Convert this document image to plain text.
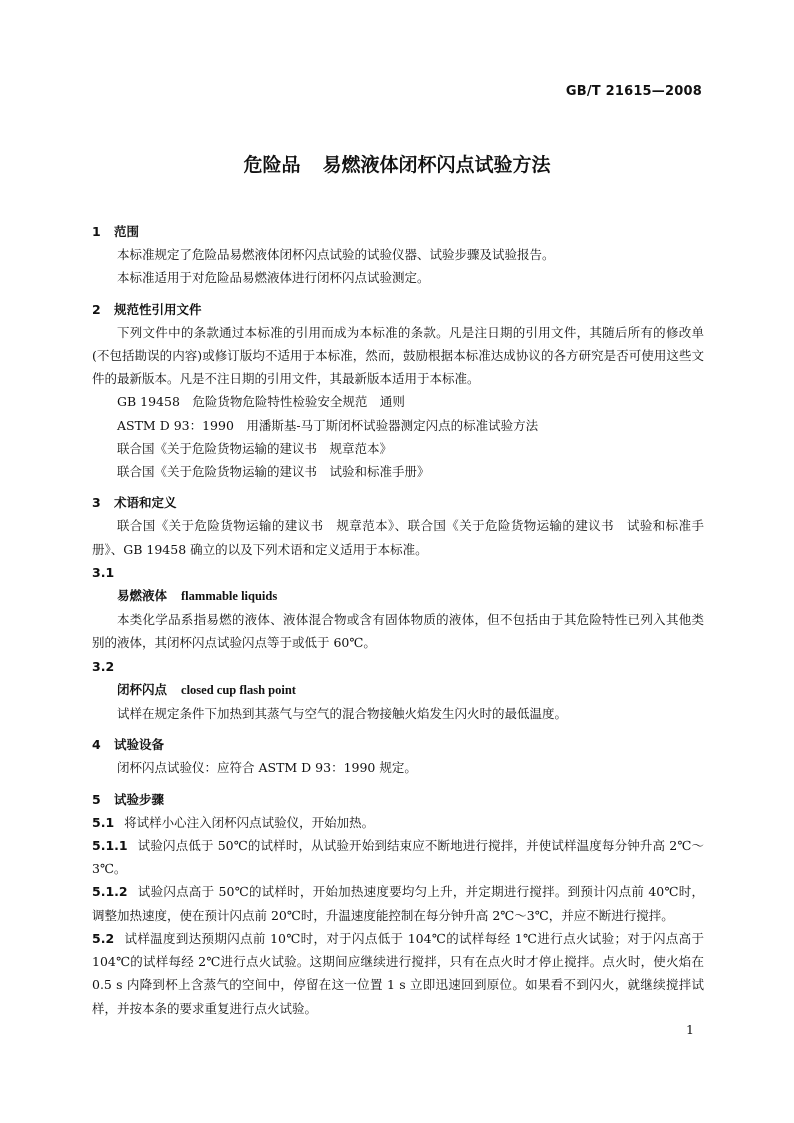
GB/T 21615—2008
危险品 易燃液体闭杯闪点试验方法
1 范围
本标准规定了危险品易燃液体闭杯闪点试验的试验仪器、试验步骤及试验报告。
本标准适用于对危险品易燃液体进行闭杯闪点试验测定。
2 规范性引用文件
下列文件中的条款通过本标准的引用而成为本标准的条款。凡是注日期的引用文件，其随后所有的修改单(不包括勘误的内容)或修订版均不适用于本标准，然而，鼓励根据本标准达成协议的各方研究是否可使用这些文件的最新版本。凡是不注日期的引用文件，其最新版本适用于本标准。
GB 19458　危险货物危险特性检验安全规范　通则
ASTM D 93：1990　用潘斯基-马丁斯闭杯试验器测定闪点的标准试验方法
联合国《关于危险货物运输的建议书　规章范本》
联合国《关于危险货物运输的建议书　试验和标准手册》
3 术语和定义
联合国《关于危险货物运输的建议书　规章范本》、联合国《关于危险货物运输的建议书　试验和标准手册》、GB 19458 确立的以及下列术语和定义适用于本标准。
3.1
易燃液体 flammable liquids
本类化学品系指易燃的液体、液体混合物或含有固体物质的液体，但不包括由于其危险特性已列入其他类别的液体，其闭杯闪点试验闪点等于或低于 60℃。
3.2
闭杯闪点 closed cup flash point
试样在规定条件下加热到其蒸气与空气的混合物接触火焰发生闪火时的最低温度。
4 试验设备
闭杯闪点试验仪：应符合 ASTM D 93：1990 规定。
5 试验步骤
5.1 将试样小心注入闭杯闪点试验仪，开始加热。
5.1.1 试验闪点低于 50℃的试样时，从试验开始到结束应不断地进行搅拌，并使试样温度每分钟升高 2℃～3℃。
5.1.2 试验闪点高于 50℃的试样时，开始加热速度要均匀上升，并定期进行搅拌。到预计闪点前 40℃时，调整加热速度，使在预计闪点前 20℃时，升温速度能控制在每分钟升高 2℃～3℃，并应不断进行搅拌。
5.2 试样温度到达预期闪点前 10℃时，对于闪点低于 104℃的试样每经 1℃进行点火试验；对于闪点高于 104℃的试样每经 2℃进行点火试验。这期间应继续进行搅拌，只有在点火时才停止搅拌。点火时，使火焰在 0.5 s 内降到杯上含蒸气的空间中，停留在这一位置 1 s 立即迅速回到原位。如果看不到闪火，就继续搅拌试样，并按本条的要求重复进行点火试验。
1
